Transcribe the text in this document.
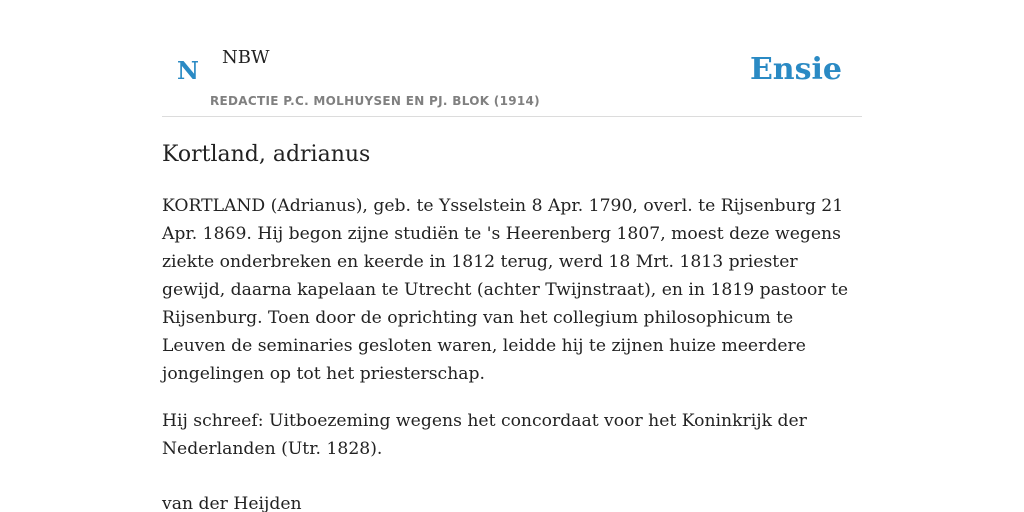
N NBW
REDACTIE P.C. MOLHUYSEN EN PJ. BLOK (1914)
Ensie
Kortland, adrianus

KORTLAND (Adrianus), geb. te Ysselstein 8 Apr. 1790, overl. te Rijsenburg 21 Apr. 1869. Hij begon zijne studiën te 's Heerenberg 1807, moest deze wegens ziekte onderbreken en keerde in 1812 terug, werd 18 Mrt. 1813 priester gewijd, daarna kapelaan te Utrecht (achter Twijnstraat), en in 1819 pastoor te Rijsenburg. Toen door de oprichting van het collegium philosophicum te Leuven de seminaries gesloten waren, leidde hij te zijnen huize meerdere jongelingen op tot het priesterschap.

Hij schreef: Uitboezeming wegens het concordaat voor het Koninkrijk der Nederlanden (Utr. 1828).

van der Heijden
